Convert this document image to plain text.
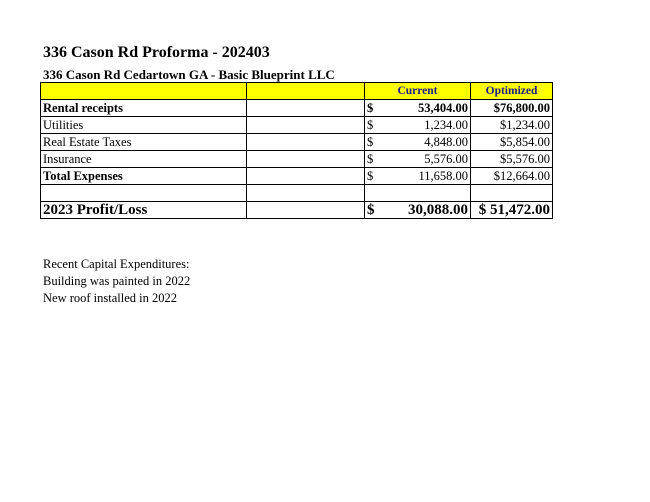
336 Cason Rd Proforma - 202403
336 Cason Rd Cedartown GA - Basic Blueprint LLC
		Current	Optimized
Rental receipts		$ 53,404.00	$76,800.00
Utilities		$ 1,234.00	$1,234.00
Real Estate Taxes		$ 4,848.00	$5,854.00
Insurance		$ 5,576.00	$5,576.00
Total Expenses		$ 11,658.00	$12,664.00

2023 Profit/Loss		$ 30,088.00	$ 51,472.00
Recent Capital Expenditures:
Building was painted in 2022
New roof installed in 2022
